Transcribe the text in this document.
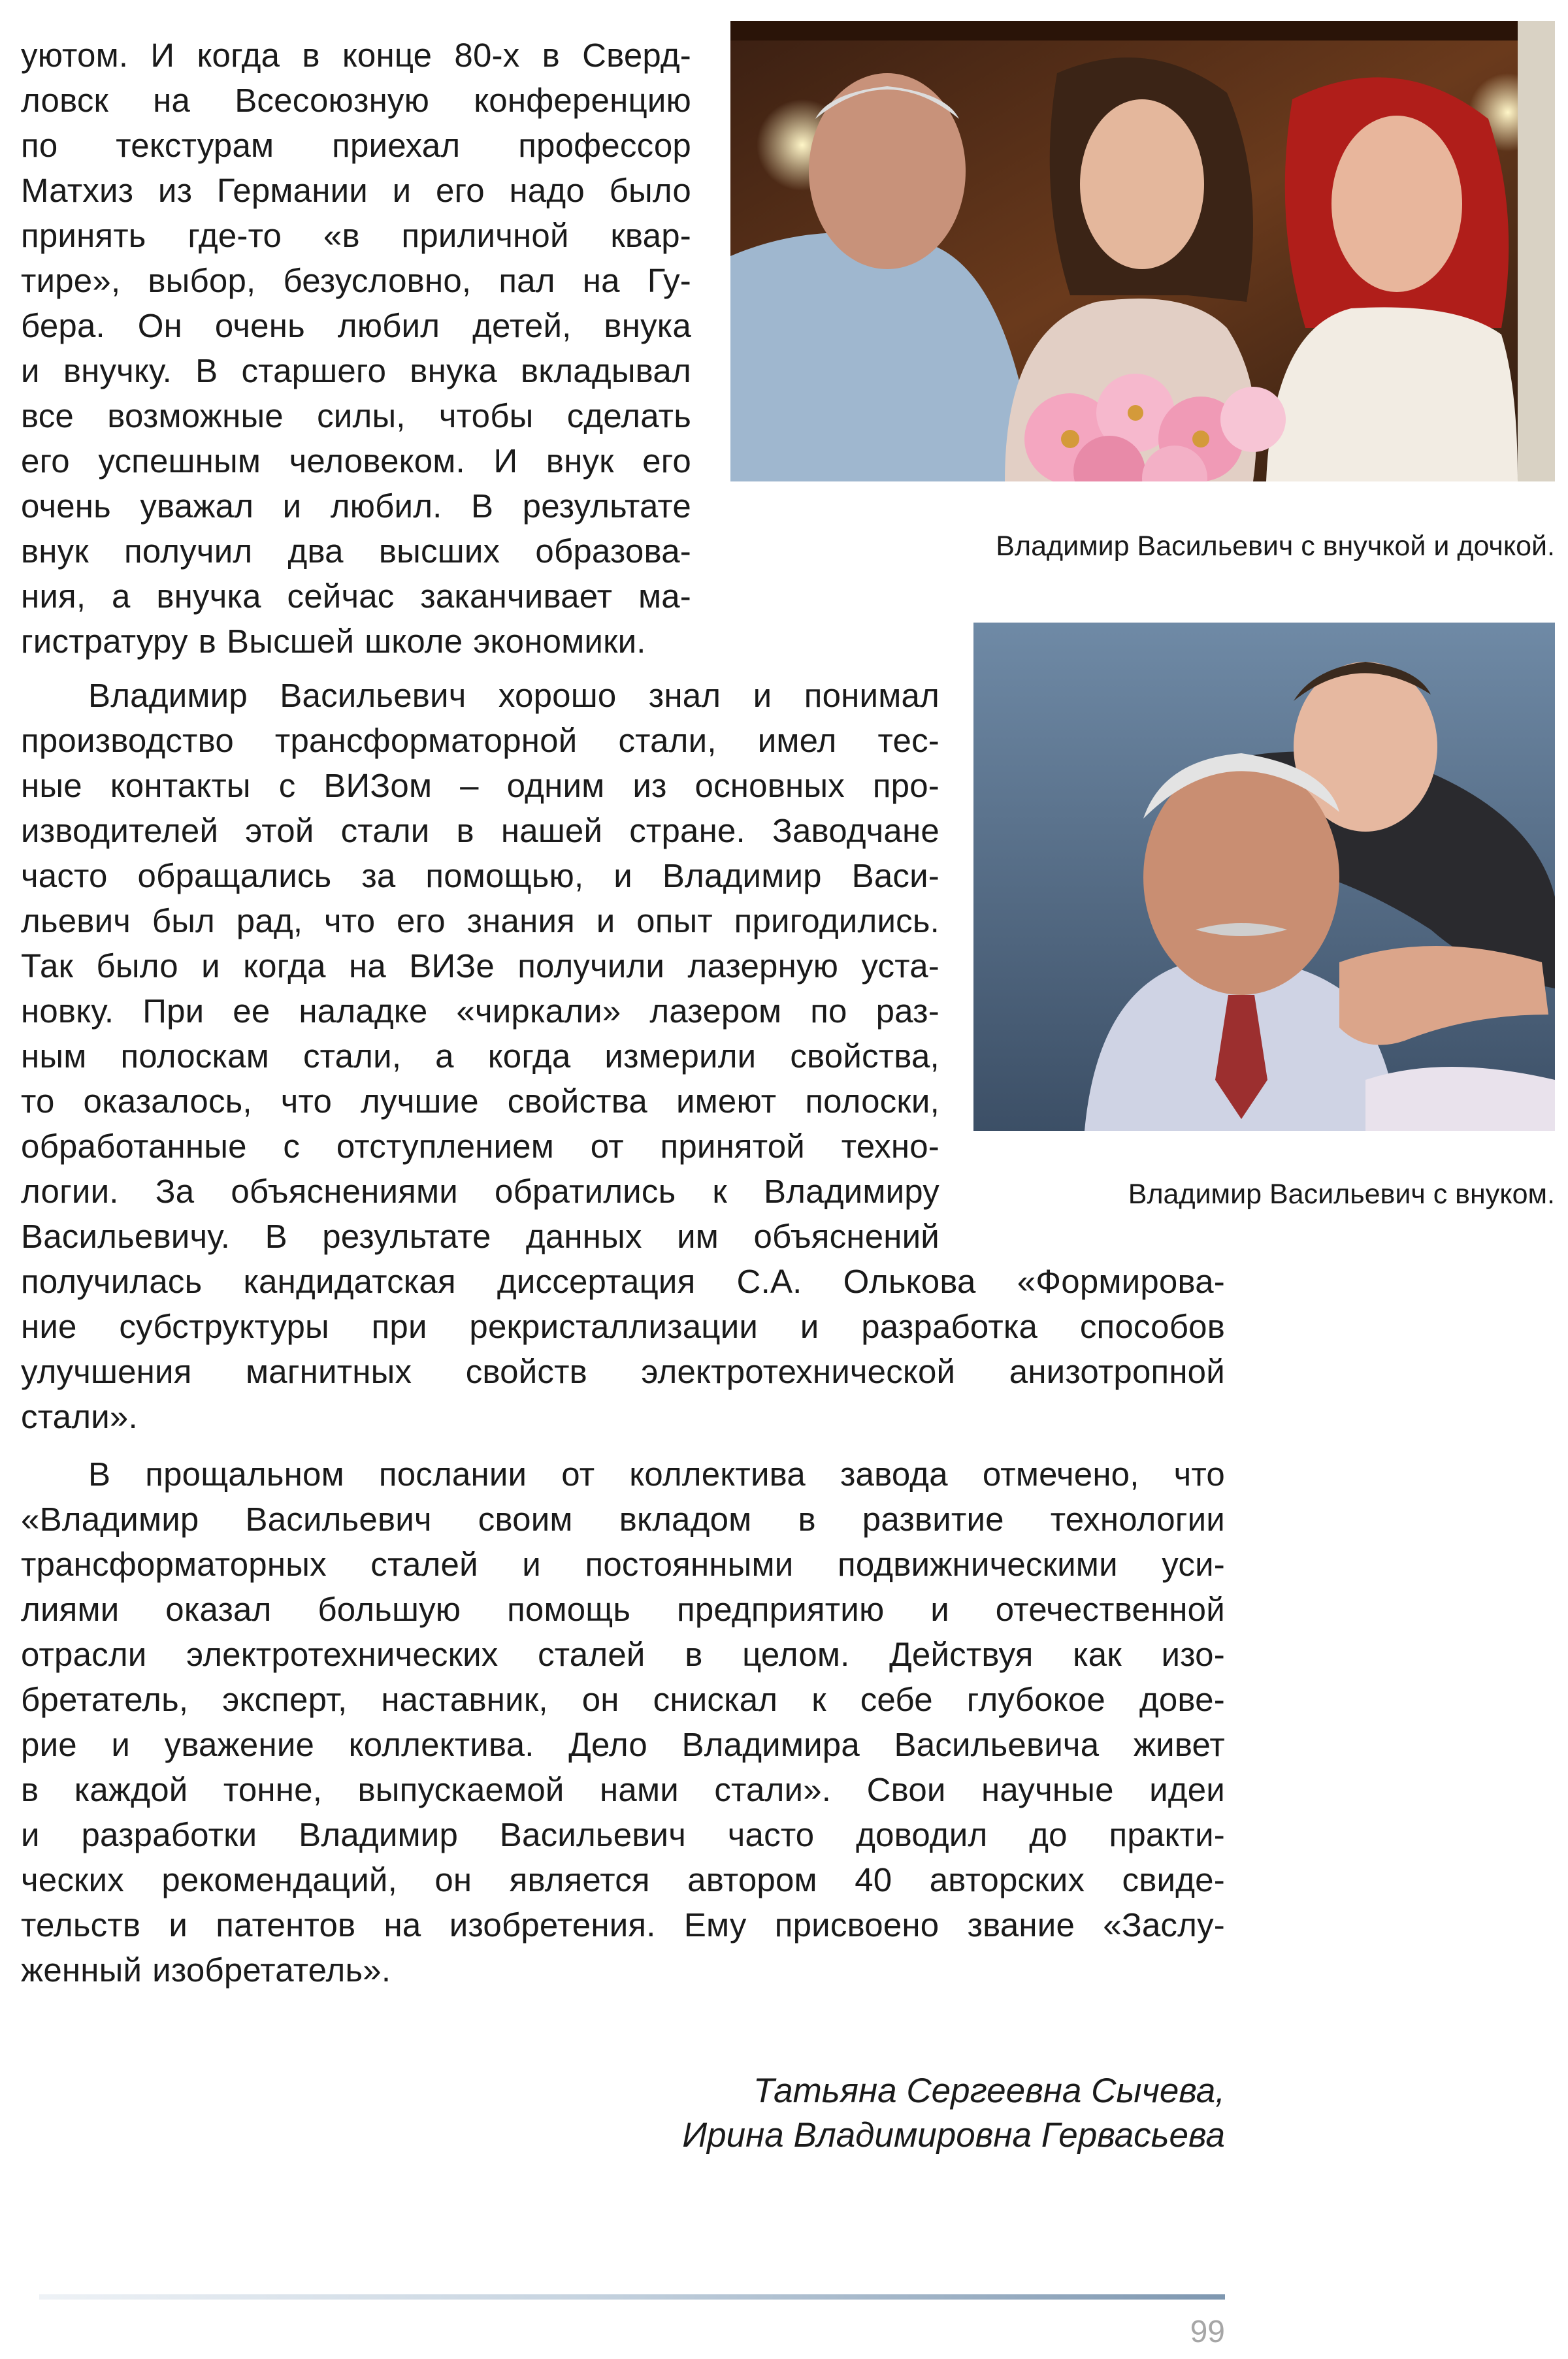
уютом. И когда в конце 80-х в Сверд-

ловск на Всесоюзную конференцию

по текстурам приехал профессор

Матхиз из Германии и его надо было

принять где-то «в приличной квар-

тире», выбор, безусловно, пал на Гу-

бера. Он очень любил детей, внука

и внучку. В старшего внука вкладывал

все возможные силы, чтобы сделать

его успешным человеком. И внук его

очень уважал и любил. В результате

внук получил два высших образова-

ния, а внучка сейчас заканчивает ма-

гистратуру в Высшей школе экономики.

Владимир Васильевич хорошо знал и понимал

производство трансформаторной стали, имел тес-

ные контакты с ВИЗом – одним из основных про-

изводителей этой стали в нашей стране. Заводчане

часто обращались за помощью, и Владимир Васи-

льевич был рад, что его знания и опыт пригодились.

Так было и когда на ВИЗе получили лазерную уста-

новку. При ее наладке «чиркали» лазером по раз-

ным полоскам стали, а когда измерили свойства,

то оказалось, что лучшие свойства имеют полоски,

обработанные с отступлением от принятой техно-

логии. За объяснениями обратились к Владимиру

Васильевичу. В результате данных им объяснений

получилась кандидатская диссертация С.А. Олькова «Формирова-

ние субструктуры при рекристаллизации и разработка способов

улучшения магнитных свойств электротехнической анизотропной

стали».

В прощальном послании от коллектива завода отмечено, что

«Владимир Васильевич своим вкладом в развитие технологии

трансформаторных сталей и постоянными подвижническими уси-

лиями оказал большую помощь предприятию и отечественной

отрасли электротехнических сталей в целом. Действуя как изо-

бретатель, эксперт, наставник, он снискал к себе глубокое дове-

рие и уважение коллектива. Дело Владимира Васильевича живет

в каждой тонне, выпускаемой нами стали». Свои научные идеи

и разработки Владимир Васильевич часто доводил до практи-

ческих рекомендаций, он является автором 40 авторских свиде-

тельств и патентов на изобретения. Ему присвоено звание «Заслу-

женный изобретатель».

Владимир Васильевич с внучкой и дочкой.
Владимир Васильевич с внуком.
Татьяна Сергеевна Сычева,
Ирина Владимировна Гервасьева
99
